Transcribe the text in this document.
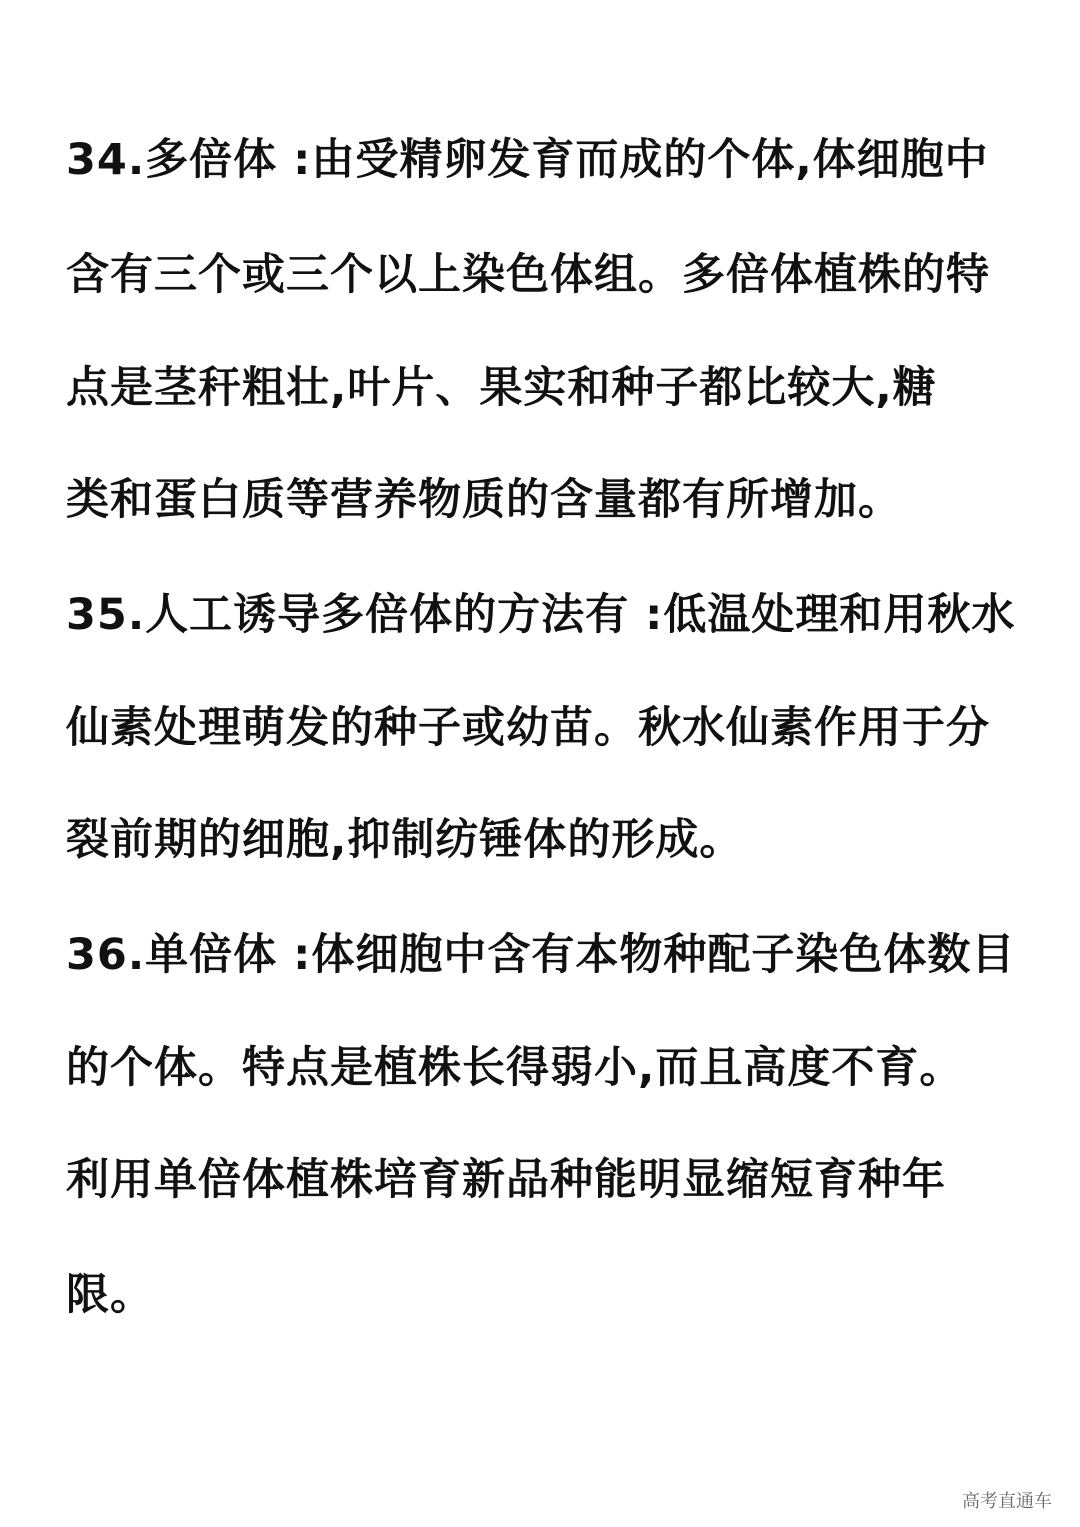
34.多倍体 :由受精卵发育而成的个体,体细胞中
含有三个或三个以上染色体组。多倍体植株的特
点是茎秆粗壮,叶片、果实和种子都比较大,糖
类和蛋白质等营养物质的含量都有所增加。
35.人工诱导多倍体的方法有 :低温处理和用秋水
仙素处理萌发的种子或幼苗。秋水仙素作用于分
裂前期的细胞,抑制纺锤体的形成。
36.单倍体 :体细胞中含有本物种配子染色体数目
的个体。特点是植株长得弱小,而且高度不育。
利用单倍体植株培育新品种能明显缩短育种年
限。
高考直通车
